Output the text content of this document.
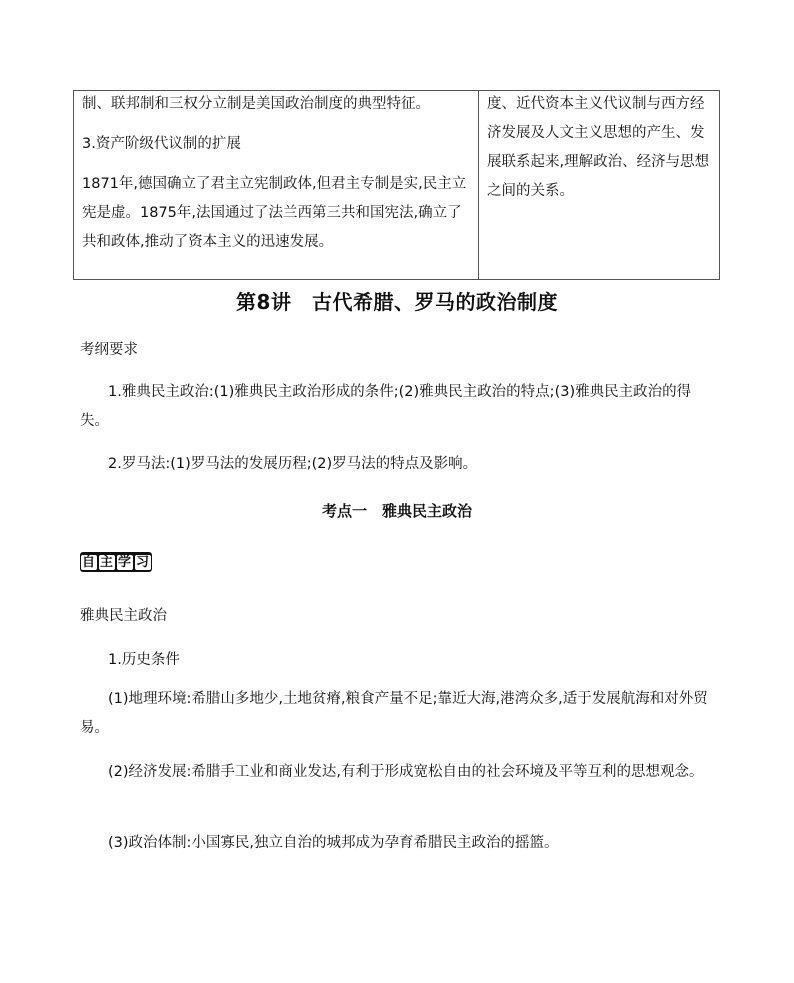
制、联邦制和三权分立制是美国政治制度的典型特征。

3.资产阶级代议制的扩展

1871年,德国确立了君主立宪制政体,但君主专制是实,民主立宪是虚。1875年,法国通过了法兰西第三共和国宪法,确立了共和政体,推动了资本主义的迅速发展。

度、近代资本主义代议制与西方经济发展及人文主义思想的产生、发展联系起来,理解政治、经济与思想之间的关系。

第8讲　古代希腊、罗马的政治制度
考纲要求

1.雅典民主政治:(1)雅典民主政治形成的条件;(2)雅典民主政治的特点;(3)雅典民主政治的得失。

2.罗马法:(1)罗马法的发展历程;(2)罗马法的特点及影响。

考点一　雅典民主政治
自 主 学 习
雅典民主政治
1.历史条件

(1)地理环境:希腊山多地少,土地贫瘠,粮食产量不足;靠近大海,港湾众多,适于发展航海和对外贸易。

(2)经济发展:希腊手工业和商业发达,有利于形成宽松自由的社会环境及平等互利的思想观念。

(3)政治体制:小国寡民,独立自治的城邦成为孕育希腊民主政治的摇篮。
